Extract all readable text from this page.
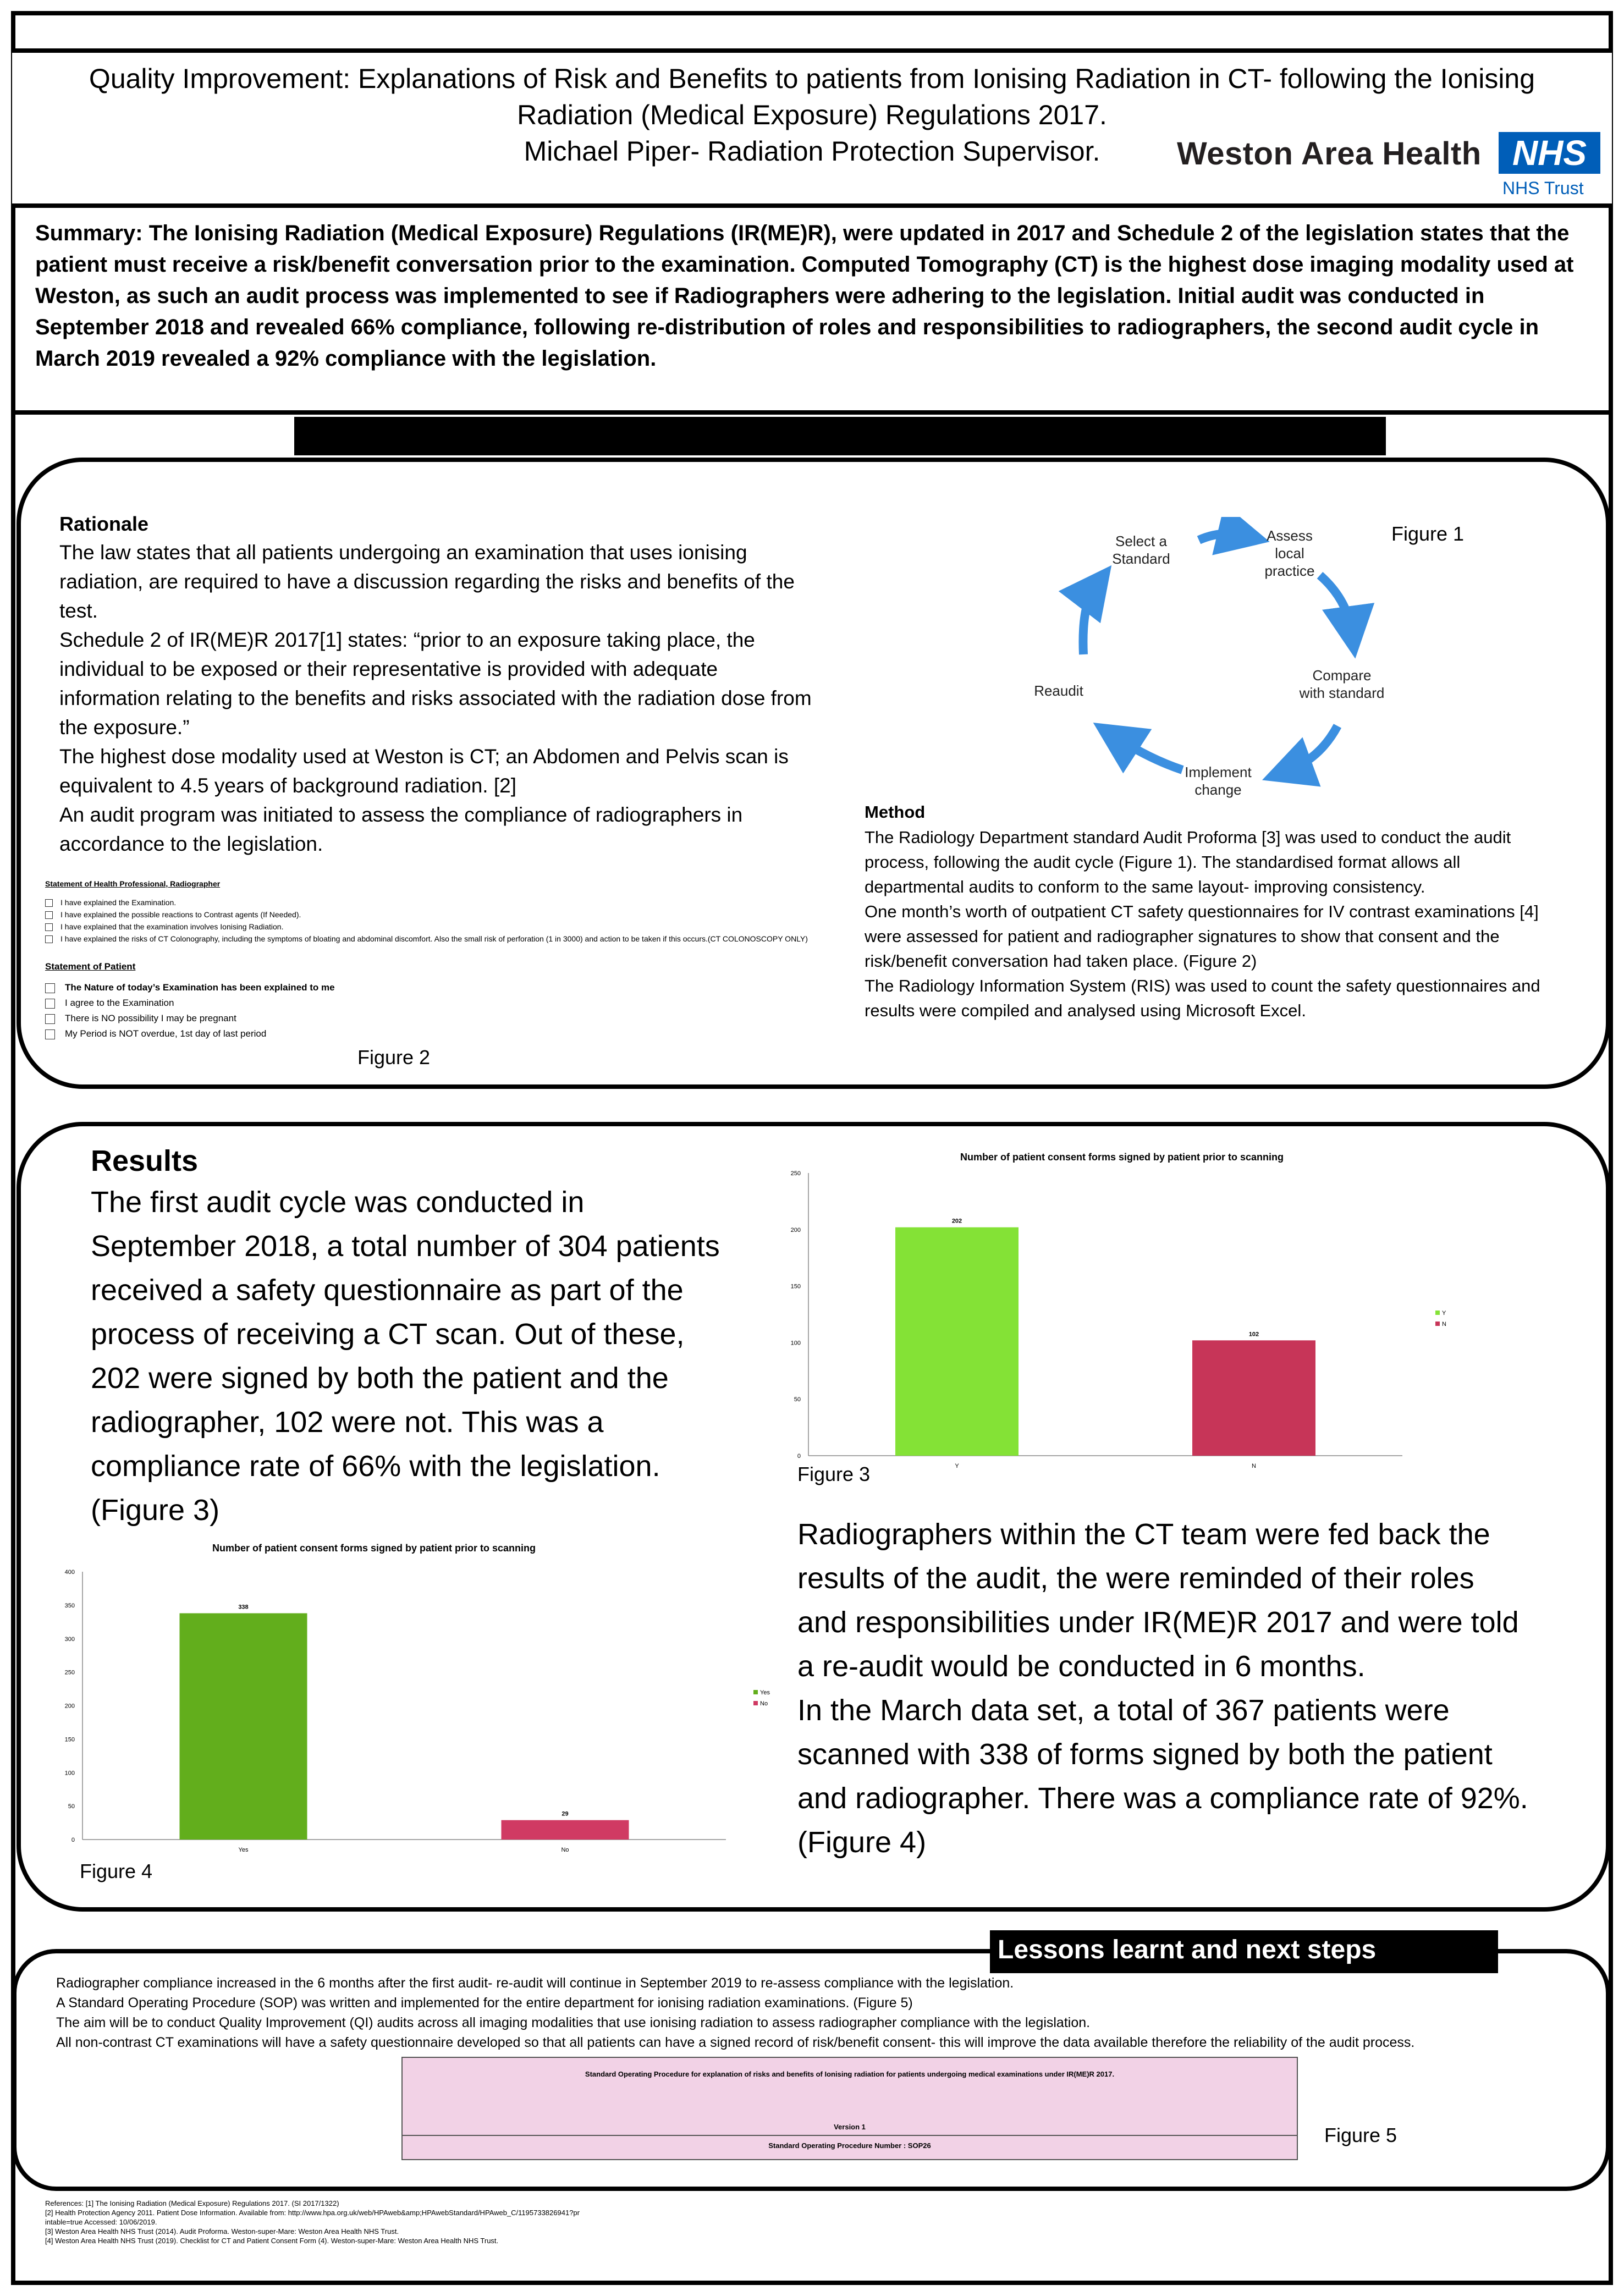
Quality Improvement: Explanations of Risk and Benefits to patients from Ionising Radiation in CT- following the Ionising
Radiation (Medical Exposure) Regulations 2017.
Michael Piper- Radiation Protection Supervisor.	Weston Area Health NHS
NHS Trust
Summary: The Ionising Radiation (Medical Exposure) Regulations (IR(ME)R), were updated in 2017 and Schedule 2 of the legislation states that the patient must receive a risk/benefit conversation prior to the examination. Computed Tomography (CT) is the highest dose imaging modality used at Weston, as such an audit process was implemented to see if Radiographers were adhering to the legislation. Initial audit was conducted in September 2018 and revealed 66% compliance, following re-distribution of roles and responsibilities to radiographers, the second audit cycle in March 2019 revealed a 92% compliance with the legislation.
Rationale
The law states that all patients undergoing an examination that uses ionising radiation, are required to have a discussion regarding the risks and benefits of the test.
Schedule 2 of IR(ME)R 2017[1] states: “prior to an exposure taking place, the individual to be exposed or their representative is provided with adequate information relating to the benefits and risks associated with the radiation dose from the exposure.”
The highest dose modality used at Weston is CT; an Abdomen and Pelvis scan is equivalent to 4.5 years of background radiation. [2]
An audit program was initiated to assess the compliance of radiographers in accordance to the legislation.
Statement of Health Professional, Radiographer
I have explained the Examination.
I have explained the possible reactions to Contrast agents (If Needed).
I have explained that the examination involves Ionising Radiation.
I have explained the risks of CT Colonography, including the symptoms of bloating and abdominal discomfort. Also the small risk of perforation (1 in 3000) and action to be taken if this occurs.(CT COLONOSCOPY ONLY)
Statement of Patient
The Nature of today’s Examination has been explained to me
I agree to the Examination
There is NO possibility I may be pregnant
My Period is NOT overdue, 1st day of last period
Figure 2
Select a Standard
Assess local practice
Compare with standard
Implement change
Reaudit
Figure 1
Method
The Radiology Department standard Audit Proforma [3] was used to conduct the audit process, following the audit cycle (Figure 1). The standardised format allows all departmental audits to conform to the same layout- improving consistency.
One month’s worth of outpatient CT safety questionnaires for IV contrast examinations [4] were assessed for patient and radiographer signatures to show that consent and the risk/benefit conversation had taken place. (Figure 2)
The Radiology Information System (RIS) was used to count the safety questionnaires and results were compiled and analysed using Microsoft Excel.
Results
The first audit cycle was conducted in September 2018, a total number of 304 patients received a safety questionnaire as part of the process of receiving a CT scan. Out of these, 202 were signed by both the patient and the radiographer, 102 were not. This was a compliance rate of 66% with the legislation. (Figure 3)
Radiographers within the CT team were fed back the results of the audit, the were reminded of their roles and responsibilities under IR(ME)R 2017 and were told a re-audit would be conducted in 6 months.
In the March data set, a total of 367 patients were scanned with 338 of forms signed by both the patient and radiographer. There was a compliance rate of 92%. (Figure 4)
Number of patient consent forms signed by patient prior to scanning
0
50
100
150
200
250
202
Y
102
N
Y
N
Figure 3
Number of patient consent forms signed by patient prior to scanning
0
50
100
150
200
250
300
350
400
338
Yes
29
No
Yes
No
Figure 4
Lessons learnt and next steps
Radiographer compliance increased in the 6 months after the first audit- re-audit will continue in September 2019 to re-assess compliance with the legislation.
A Standard Operating Procedure (SOP) was written and implemented for the entire department for ionising radiation examinations. (Figure 5)
The aim will be to conduct Quality Improvement (QI) audits across all imaging modalities that use ionising radiation to assess radiographer compliance with the legislation.
All non-contrast CT examinations will have a safety questionnaire developed so that all patients can have a signed record of risk/benefit consent- this will improve the data available therefore the reliability of the audit process.
Standard Operating Procedure for explanation of risks and benefits of Ionising radiation for patients undergoing medical examinations under IR(ME)R 2017.
Version 1
Standard Operating Procedure Number : SOP26	Figure 5
References: [1] The Ionising Radiation (Medical Exposure) Regulations 2017. (SI 2017/1322)
[2] Health Protection Agency 2011. Patient Dose Information. Available from: http://www.hpa.org.uk/web/HPAweb&amp;HPAwebStandard/HPAweb_C/1195733826941?pr
intable=true Accessed: 10/06/2019.
[3] Weston Area Health NHS Trust (2014). Audit Proforma. Weston-super-Mare: Weston Area Health NHS Trust.
[4] Weston Area Health NHS Trust (2019). Checklist for CT and Patient Consent Form (4). Weston-super-Mare: Weston Area Health NHS Trust.
